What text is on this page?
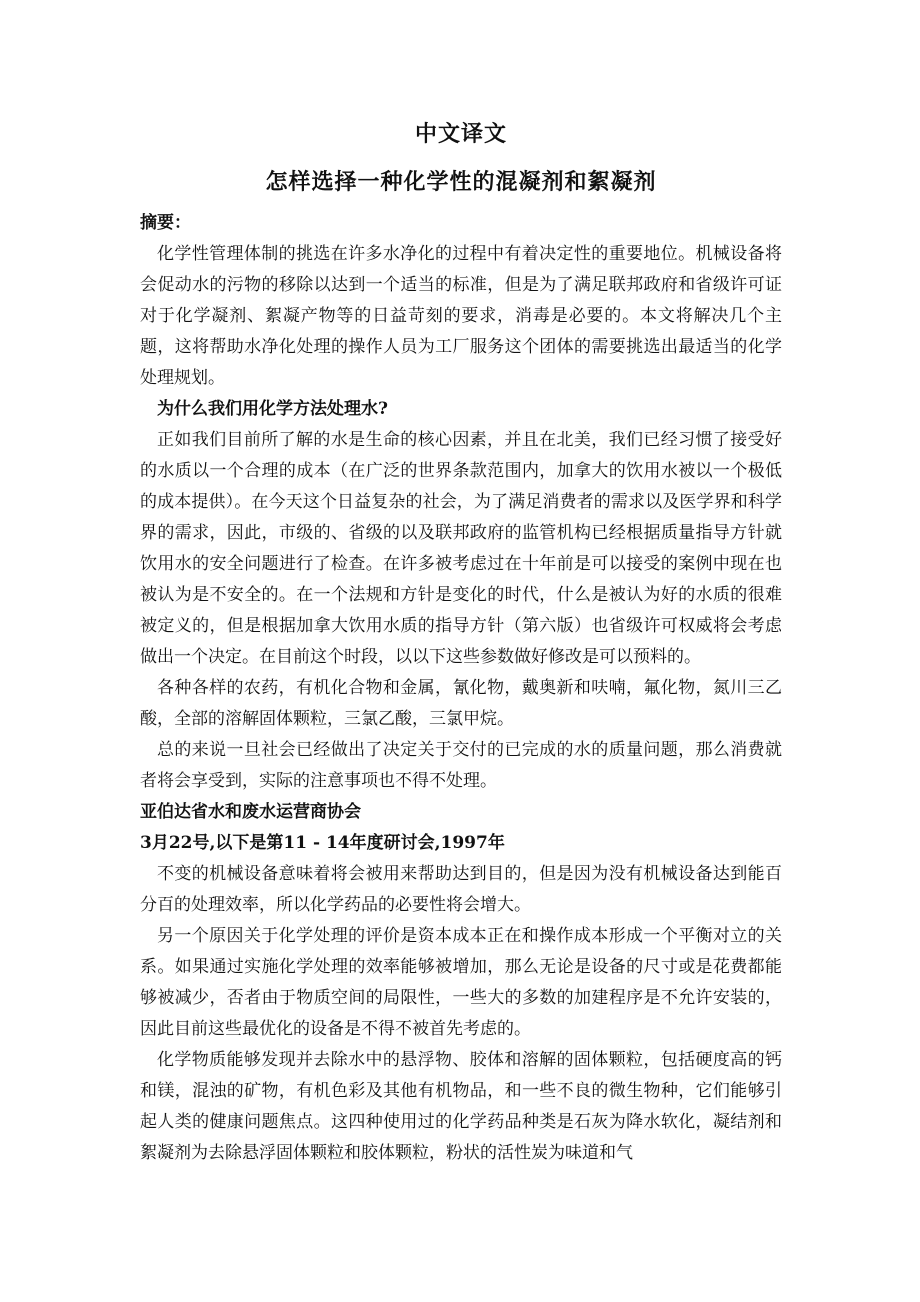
中文译文
怎样选择一种化学性的混凝剂和絮凝剂

摘要：

化学性管理体制的挑选在许多水净化的过程中有着决定性的重要地位。机械设备将会促动水的污物的移除以达到一个适当的标准，但是为了满足联邦政府和省级许可证对于化学凝剂、絮凝产物等的日益苛刻的要求，消毒是必要的。本文将解决几个主题，这将帮助水净化处理的操作人员为工厂服务这个团体的需要挑选出最适当的化学处理规划。

为什么我们用化学方法处理水?

正如我们目前所了解的水是生命的核心因素，并且在北美，我们已经习惯了接受好的水质以一个合理的成本（在广泛的世界条款范围内，加拿大的饮用水被以一个极低的成本提供）。在今天这个日益复杂的社会，为了满足消费者的需求以及医学界和科学界的需求，因此，市级的、省级的以及联邦政府的监管机构已经根据质量指导方针就饮用水的安全问题进行了检查。在许多被考虑过在十年前是可以接受的案例中现在也被认为是不安全的。在一个法规和方针是变化的时代，什么是被认为好的水质的很难被定义的，但是根据加拿大饮用水质的指导方针（第六版）也省级许可权威将会考虑做出一个决定。在目前这个时段，以以下这些参数做好修改是可以预料的。

各种各样的农药，有机化合物和金属，氰化物，戴奥新和呋喃，氟化物，氮川三乙酸，全部的溶解固体颗粒，三氯乙酸，三氯甲烷。

总的来说一旦社会已经做出了决定关于交付的已完成的水的质量问题，那么消费就者将会享受到，实际的注意事项也不得不处理。

亚伯达省水和废水运营商协会

3月22号,以下是第11 - 14年度研讨会,1997年

不变的机械设备意味着将会被用来帮助达到目的，但是因为没有机械设备达到能百分百的处理效率，所以化学药品的必要性将会增大。

另一个原因关于化学处理的评价是资本成本正在和操作成本形成一个平衡对立的关系。如果通过实施化学处理的效率能够被增加，那么无论是设备的尺寸或是花费都能够被减少，否者由于物质空间的局限性，一些大的多数的加建程序是不允许安装的，因此目前这些最优化的设备是不得不被首先考虑的。

化学物质能够发现并去除水中的悬浮物、胶体和溶解的固体颗粒，包括硬度高的钙和镁，混浊的矿物，有机色彩及其他有机物品，和一些不良的微生物种，它们能够引起人类的健康问题焦点。这四种使用过的化学药品种类是石灰为降水软化，凝结剂和絮凝剂为去除悬浮固体颗粒和胶体颗粒，粉状的活性炭为味道和气
